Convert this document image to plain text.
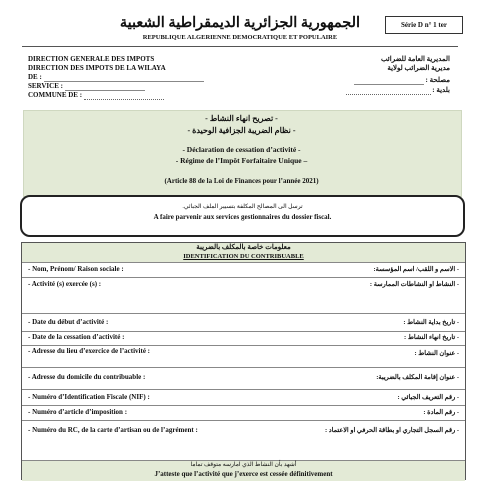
الجمهورية الجزائرية الديمقراطية الشعبية
REPUBLIQUE ALGERIENNE DEMOCRATIQUE ET POPULAIRE
Série D n° 1 ter
DIRECTION GENERALE DES IMPOTS
DIRECTION DES IMPOTS DE LA WILAYA
DE :
SERVICE :
COMMUNE DE :
المديرية العامة للضرائب
مديرية الضرائب لولاية
مصلحة :
بلدية :
- تصريح انهاء النشاط -
- نظام الضريبة الجزافية الوحيدة -
- Déclaration de cessation d’activité -
- Régime de l’Impôt Forfaitaire Unique –
(Article 88 de la Loi de Finances pour l’année 2021)
ترسل الى المصالح المكلفة بتسيير الملف الجبائي.
A faire parvenir aux services gestionnaires du dossier fiscal.
معلومات خاصة بالمكلف بالضريبة
IDENTIFICATION DU CONTRIBUABLE
- Nom, Prénom/ Raison sociale :	- الاسم و اللقب/ اسم المؤسسة:
- Activité (s) exercée (s) :	- النشاط او النشاطات الممارسة :
- Date du début d’activité :	- تاريخ بداية النشاط :
- Date de la cessation d’activité :	- تاريخ انهاء النشاط :
- Adresse du lieu d’exercice de l’activité :	- عنوان النشاط :
- Adresse du domicile du contribuable :	- عنوان إقامة المكلف بالضريبة:
- Numéro d’Identification Fiscale (NIF) :	- رقم التعريف الجبائي :
- Numéro d’article d’imposition :	- رقم المادة :
- Numéro du RC, de la carte d’artisan ou de l’agrément :	- رقم السجل التجاري او بطاقة الحرفي او الاعتماد :
أشهد بأن النشاط الذي امارسه متوقف تماما
J’atteste que l’activité que j’exerce est cessée définitivement
